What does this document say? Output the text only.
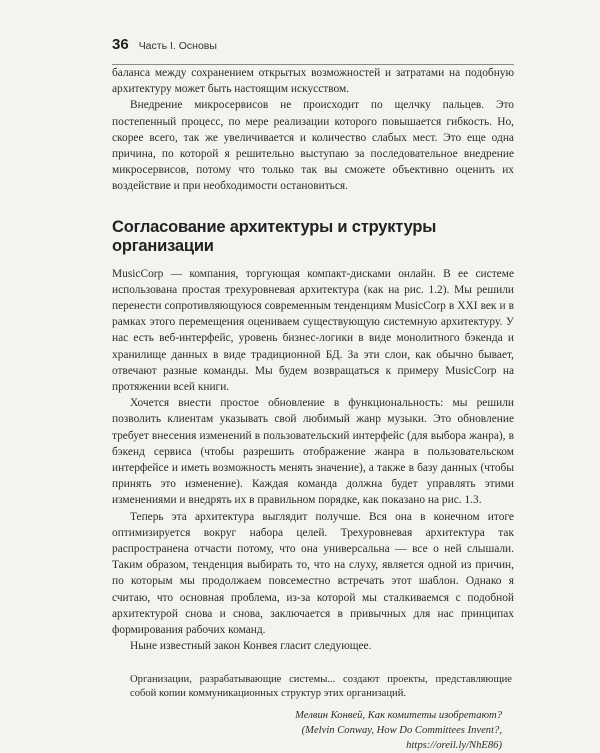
36 Часть I. Основы

баланса между сохранением открытых возможностей и затратами на подобную архитектуру может быть настоящим искусством.

Внедрение микросервисов не происходит по щелчку пальцев. Это постепенный процесс, по мере реализации которого повышается гибкость. Но, скорее всего, так же увеличивается и количество слабых мест. Это еще одна причина, по которой я решительно выступаю за последовательное внедрение микросервисов, потому что только так вы сможете объективно оценить их воздействие и при необходимости остановиться.

Согласование архитектуры и структуры организации

MusicCorp — компания, торгующая компакт-дисками онлайн. В ее системе использована простая трехуровневая архитектура (как на рис. 1.2). Мы решили перенести сопротивляющуюся современным тенденциям MusicCorp в XXI век и в рамках этого перемещения оцениваем существующую системную архитектуру. У нас есть веб-интерфейс, уровень бизнес-логики в виде монолитного бэкенда и хранилище данных в виде традиционной БД. За эти слои, как обычно бывает, отвечают разные команды. Мы будем возвращаться к примеру MusicCorp на протяжении всей книги.

Хочется внести простое обновление в функциональность: мы решили позволить клиентам указывать свой любимый жанр музыки. Это обновление требует внесения изменений в пользовательский интерфейс (для выбора жанра), в бэкенд сервиса (чтобы разрешить отображение жанра в пользовательском интерфейсе и иметь возможность менять значение), а также в базу данных (чтобы принять это изменение). Каждая команда должна будет управлять этими изменениями и внедрять их в правильном порядке, как показано на рис. 1.3.

Теперь эта архитектура выглядит получше. Вся она в конечном итоге оптимизируется вокруг набора целей. Трехуровневая архитектура так распространена отчасти потому, что она универсальна — все о ней слышали. Таким образом, тенденция выбирать то, что на слуху, является одной из причин, по которым мы продолжаем повсеместно встречать этот шаблон. Однако я считаю, что основная проблема, из-за которой мы сталкиваемся с подобной архитектурой снова и снова, заключается в привычных для нас принципах формирования рабочих команд.

Ныне известный закон Конвея гласит следующее.

Организации, разрабатывающие системы... создают проекты, представляющие собой копии коммуникационных структур этих организаций.

Мелвин Конвей, Как комитеты изобретают?
(Melvin Conway, How Do Committees Invent?,
https://oreil.ly/NhE86)
